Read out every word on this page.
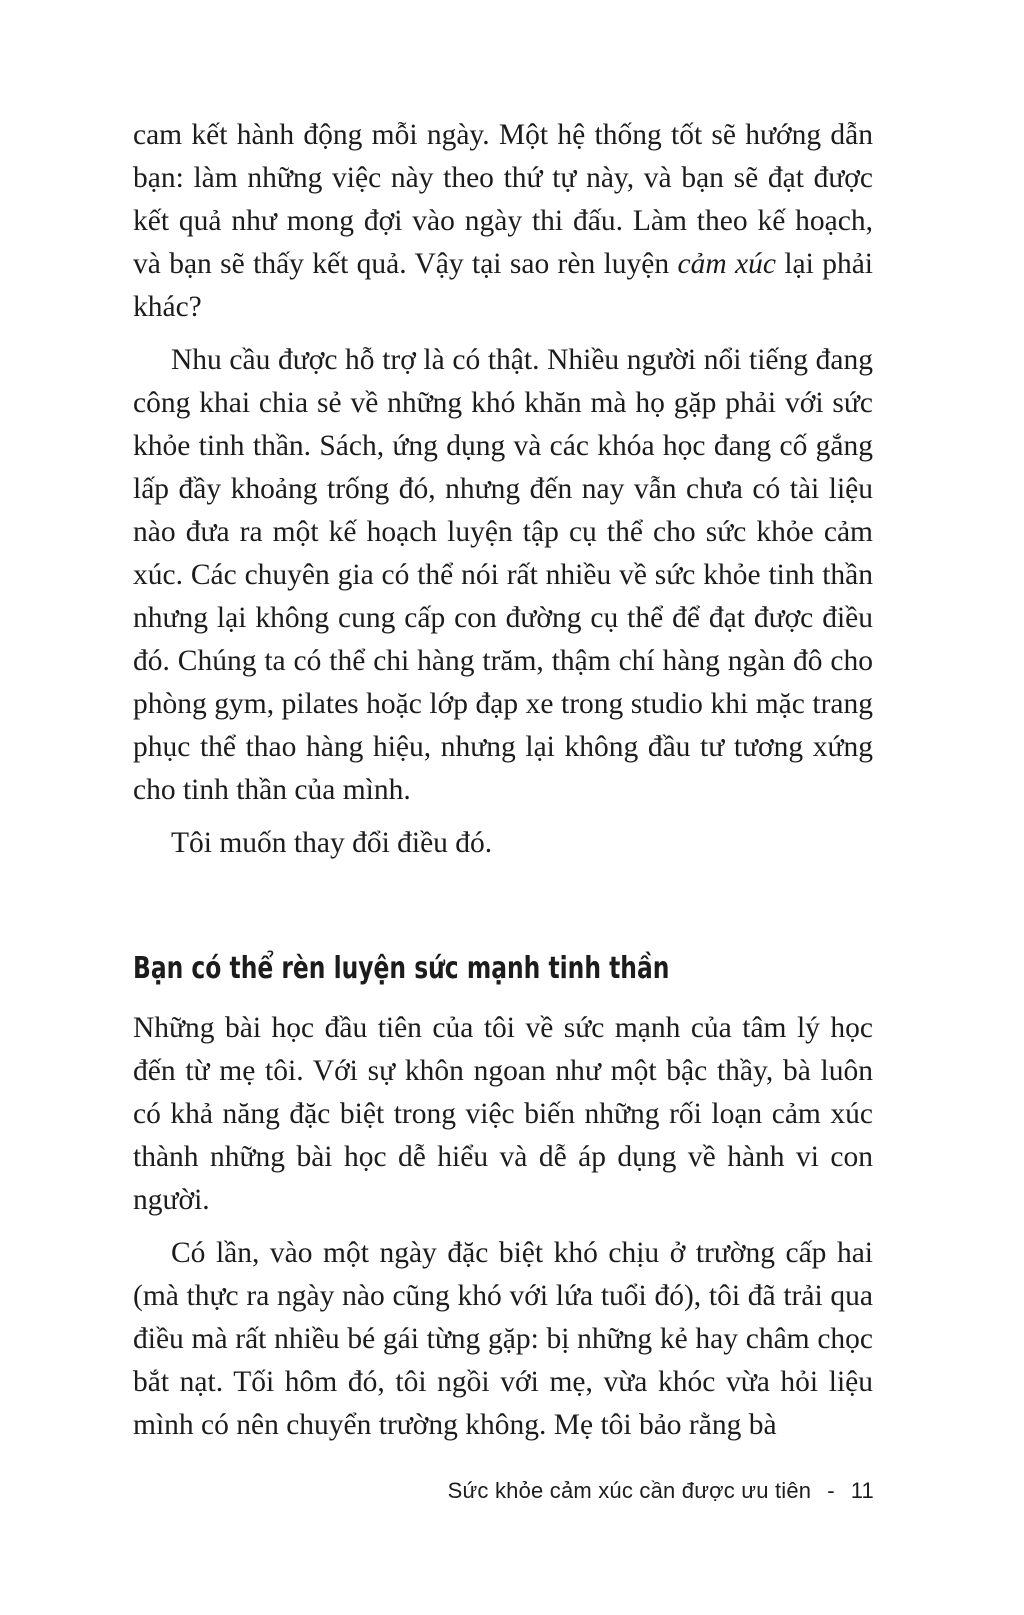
cam kết hành động mỗi ngày. Một hệ thống tốt sẽ hướng dẫn bạn: làm những việc này theo thứ tự này, và bạn sẽ đạt được kết quả như mong đợi vào ngày thi đấu. Làm theo kế hoạch, và bạn sẽ thấy kết quả. Vậy tại sao rèn luyện cảm xúc lại phải khác?

Nhu cầu được hỗ trợ là có thật. Nhiều người nổi tiếng đang công khai chia sẻ về những khó khăn mà họ gặp phải với sức khỏe tinh thần. Sách, ứng dụng và các khóa học đang cố gắng lấp đầy khoảng trống đó, nhưng đến nay vẫn chưa có tài liệu nào đưa ra một kế hoạch luyện tập cụ thể cho sức khỏe cảm xúc. Các chuyên gia có thể nói rất nhiều về sức khỏe tinh thần nhưng lại không cung cấp con đường cụ thể để đạt được điều đó. Chúng ta có thể chi hàng trăm, thậm chí hàng ngàn đô cho phòng gym, pilates hoặc lớp đạp xe trong studio khi mặc trang phục thể thao hàng hiệu, nhưng lại không đầu tư tương xứng cho tinh thần của mình.

Tôi muốn thay đổi điều đó.

Bạn có thể rèn luyện sức mạnh tinh thần

Những bài học đầu tiên của tôi về sức mạnh của tâm lý học đến từ mẹ tôi. Với sự khôn ngoan như một bậc thầy, bà luôn có khả năng đặc biệt trong việc biến những rối loạn cảm xúc thành những bài học dễ hiểu và dễ áp dụng về hành vi con người.

Có lần, vào một ngày đặc biệt khó chịu ở trường cấp hai (mà thực ra ngày nào cũng khó với lứa tuổi đó), tôi đã trải qua điều mà rất nhiều bé gái từng gặp: bị những kẻ hay châm chọc bắt nạt. Tối hôm đó, tôi ngồi với mẹ, vừa khóc vừa hỏi liệu mình có nên chuyển trường không. Mẹ tôi bảo rằng bà

Sức khỏe cảm xúc cần được ưu tiên - 11
